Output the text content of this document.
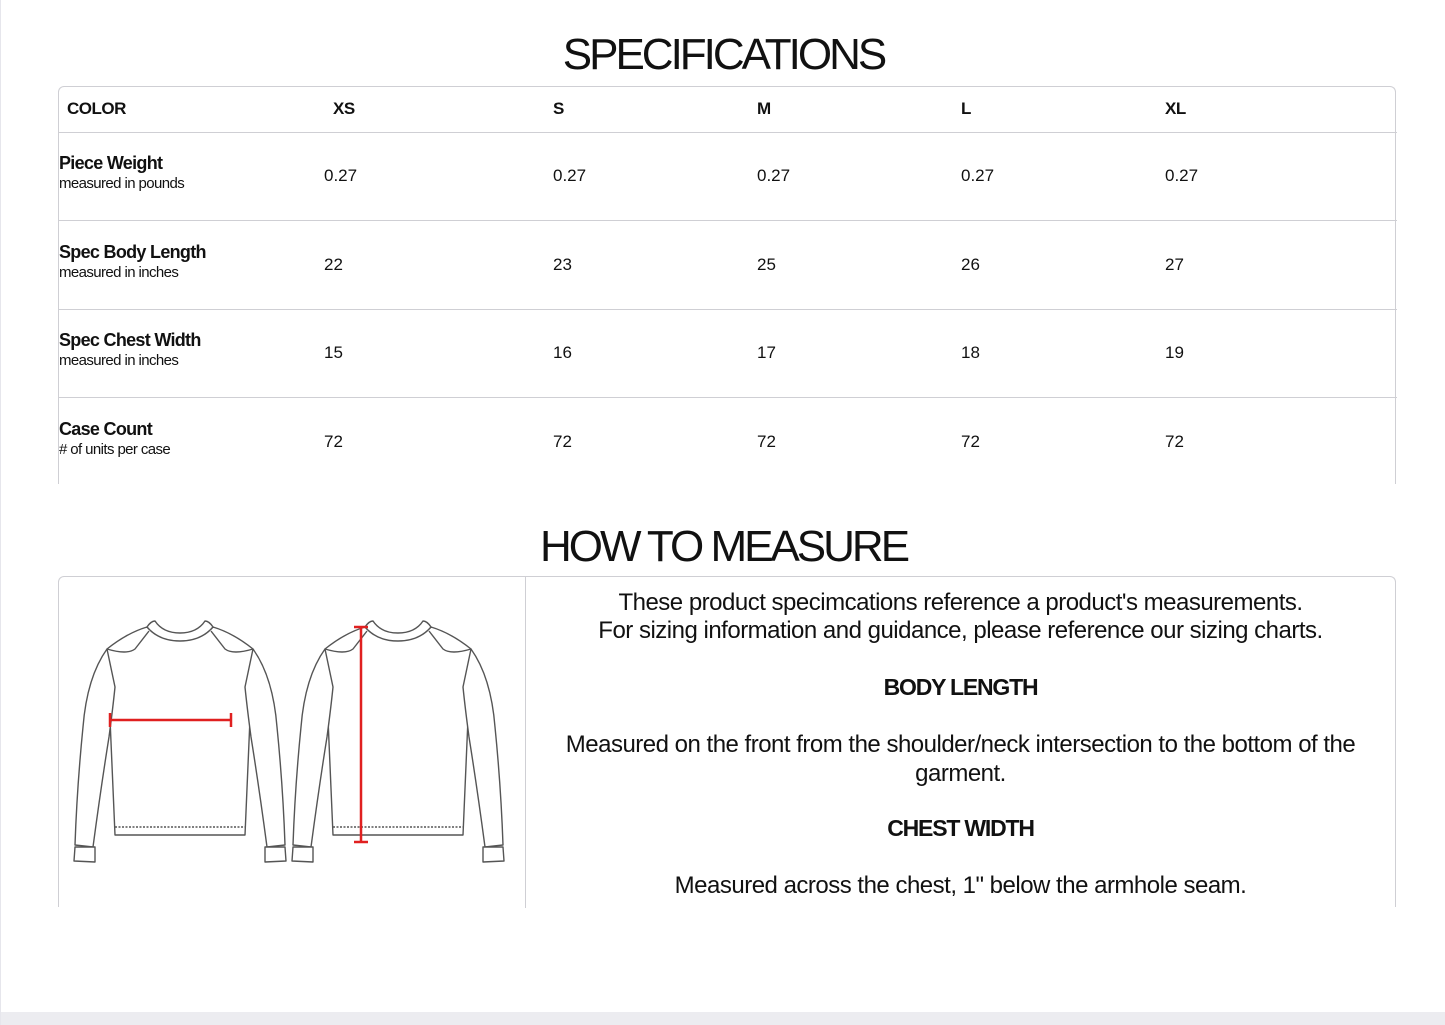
SPECIFICATIONS
COLOR	XS	S	M	L	XL

Piece Weight
measured in pounds	0.27	0.27	0.27	0.27	0.27

Spec Body Length
measured in inches	22	23	25	26	27

Spec Chest Width
measured in inches	15	16	17	18	19

Case Count
# of units per case	72	72	72	72	72
HOW TO MEASURE
These product specimcations reference a product's measurements.
For sizing information and guidance, please reference our sizing charts.
BODY LENGTH
Measured on the front from the shoulder/neck intersection to the bottom of the garment.
CHEST WIDTH
Measured across the chest, 1" below the armhole seam.
